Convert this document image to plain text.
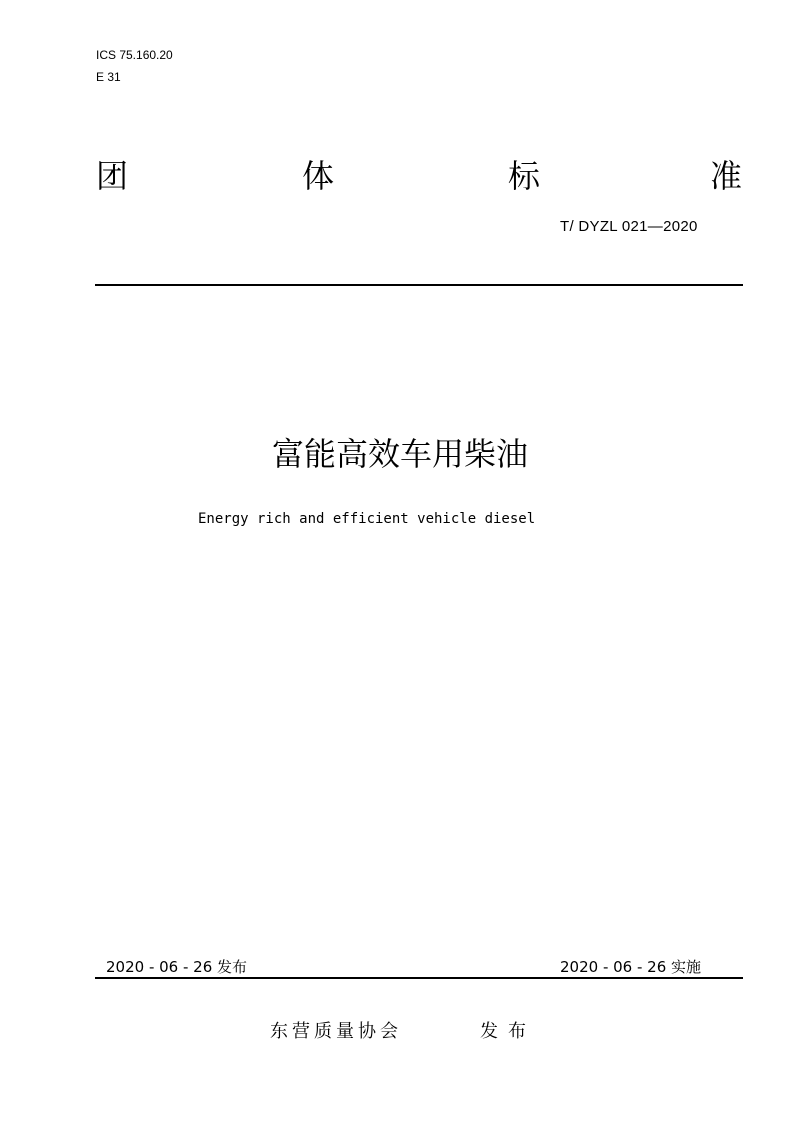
ICS 75.160.20
E 31
团	体	标	准
T/ DYZL 021—2020
富能高效车用柴油
Energy rich and efficient vehicle diesel
2020 - 06 - 26 发布	2020 - 06 - 26 实施
东营质量协会	发布
